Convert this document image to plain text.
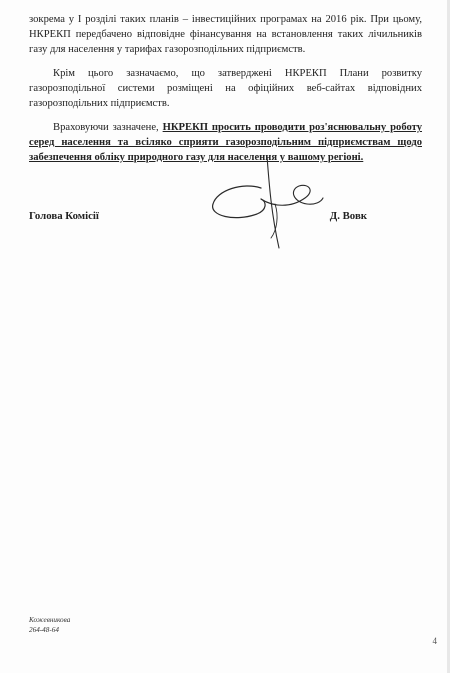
зокрема у І розділі таких планів – інвестиційних програмах на 2016 рік. При цьому, НКРЕКП передбачено відповідне фінансування на встановлення таких лічильників газу для населення у тарифах газорозподільних підприємств.

Крім цього зазначаємо, що затверджені НКРЕКП Плани розвитку газорозподільної системи розміщені на офіційних веб-сайтах відповідних газорозподільних підприємств.

Враховуючи зазначене, НКРЕКП просить проводити роз'яснювальну роботу серед населення та всіляко сприяти газорозподільним підприємствам щодо забезпечення обліку природного газу для населення у вашому регіоні.

Голова Комісії	Д. Вовк
Кожевникова
264-48-64
4
